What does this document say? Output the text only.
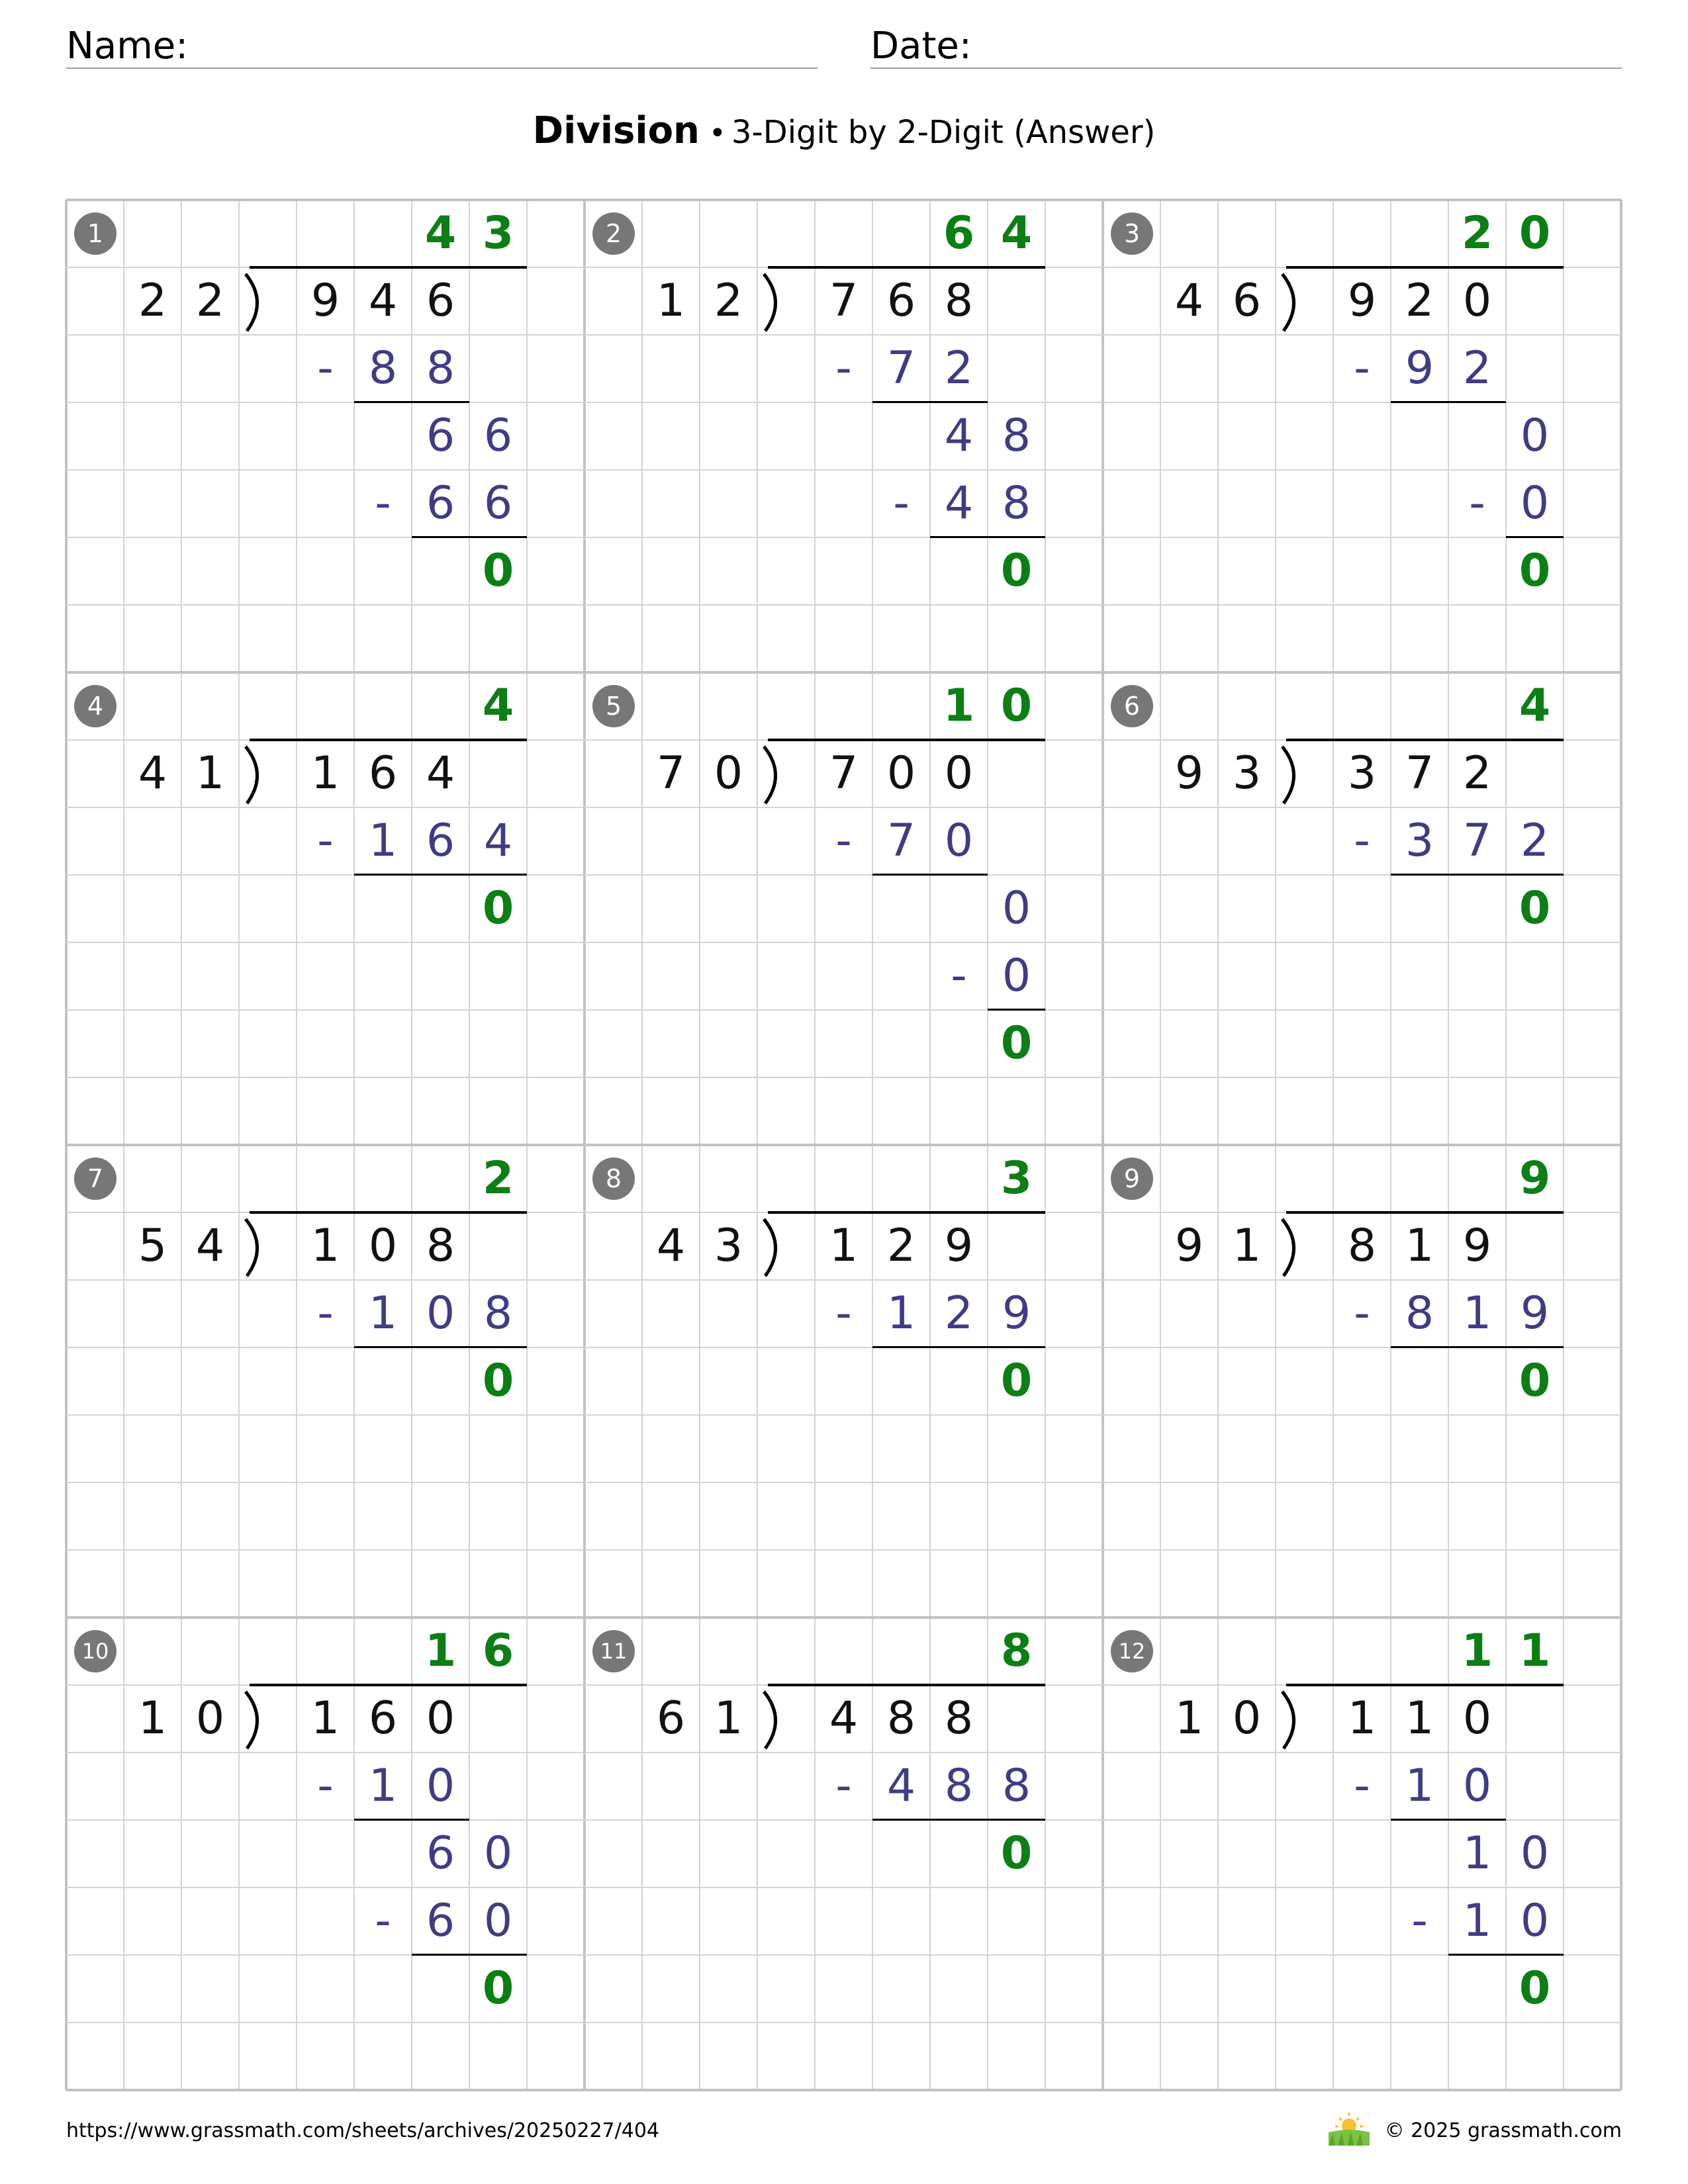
Name:	Date:
Division • 3-Digit by 2-Digit (Answer)
1	4 3
2 2	9 4 6
- 8 8
6 6
- 6 6
0
2	6 4
1 2	7 6 8
- 7 2
4 8
- 4 8
0
3	2 0
4 6	9 2 0
- 9 2
0
- 0
0
4	4
4 1	1 6 4
- 1 6 4
0
5	1 0
7 0	7 0 0
- 7 0
0
- 0
0
6	4
9 3	3 7 2
- 3 7 2
0
7	2
5 4	1 0 8
- 1 0 8
0
8	3
4 3	1 2 9
- 1 2 9
0
9	9
9 1	8 1 9
- 8 1 9
0
10	1 6
1 0	1 6 0
- 1 0
6 0
- 6 0
0
11	8
6 1	4 8 8
- 4 8 8
0
12	1 1
1 0	1 1 0
- 1 0
1 0
- 1 0
0
https://www.grassmath.com/sheets/archives/20250227/404	© 2025 grassmath.com
